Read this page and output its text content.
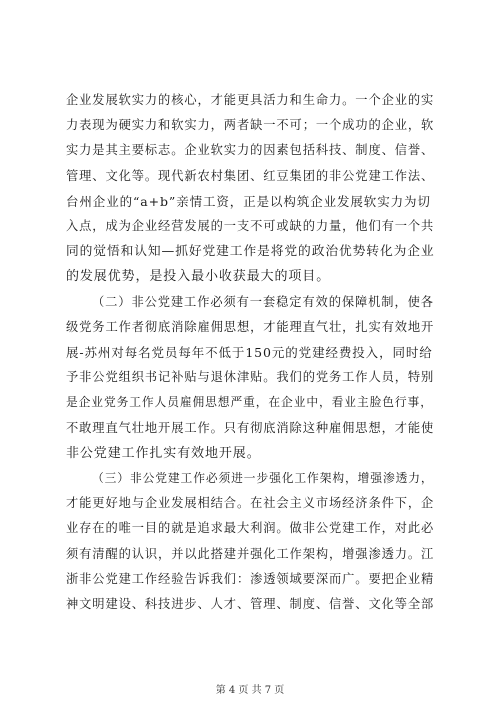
企业发展软实力的核心，才能更具活力和生命力。一个企业的实

力表现为硬实力和软实力，两者缺一不可；一个成功的企业，软

实力是其主要标志。企业软实力的因素包括科技、制度、信誉、

管理、文化等。现代新农村集团、红豆集团的非公党建工作法、

台州企业的“a+b”亲情工资，正是以构筑企业发展软实力为切

入点，成为企业经营发展的一支不可或缺的力量，他们有一个共

同的觉悟和认知—抓好党建工作是将党的政治优势转化为企业

的发展优势，是投入最小收获最大的项目。

（二）非公党建工作必须有一套稳定有效的保障机制，使各

级党务工作者彻底消除雇佣思想，才能理直气壮，扎实有效地开

展-苏州对每名党员每年不低于150元的党建经费投入，同时给

予非公党组织书记补贴与退休津贴。我们的党务工作人员，特别

是企业党务工作人员雇佣思想严重，在企业中，看业主脸色行事，

不敢理直气壮地开展工作。只有彻底消除这种雇佣思想，才能使

非公党建工作扎实有效地开展。

（三）非公党建工作必须进一步强化工作架构，增强渗透力，

才能更好地与企业发展相结合。在社会主义市场经济条件下，企

业存在的唯一目的就是追求最大利润。做非公党建工作，对此必

须有清醒的认识，并以此搭建并强化工作架构，增强渗透力。江

浙非公党建工作经验告诉我们：渗透领域要深而广。要把企业精

神文明建设、科技进步、人才、管理、制度、信誉、文化等全部

第 4 页 共 7 页
